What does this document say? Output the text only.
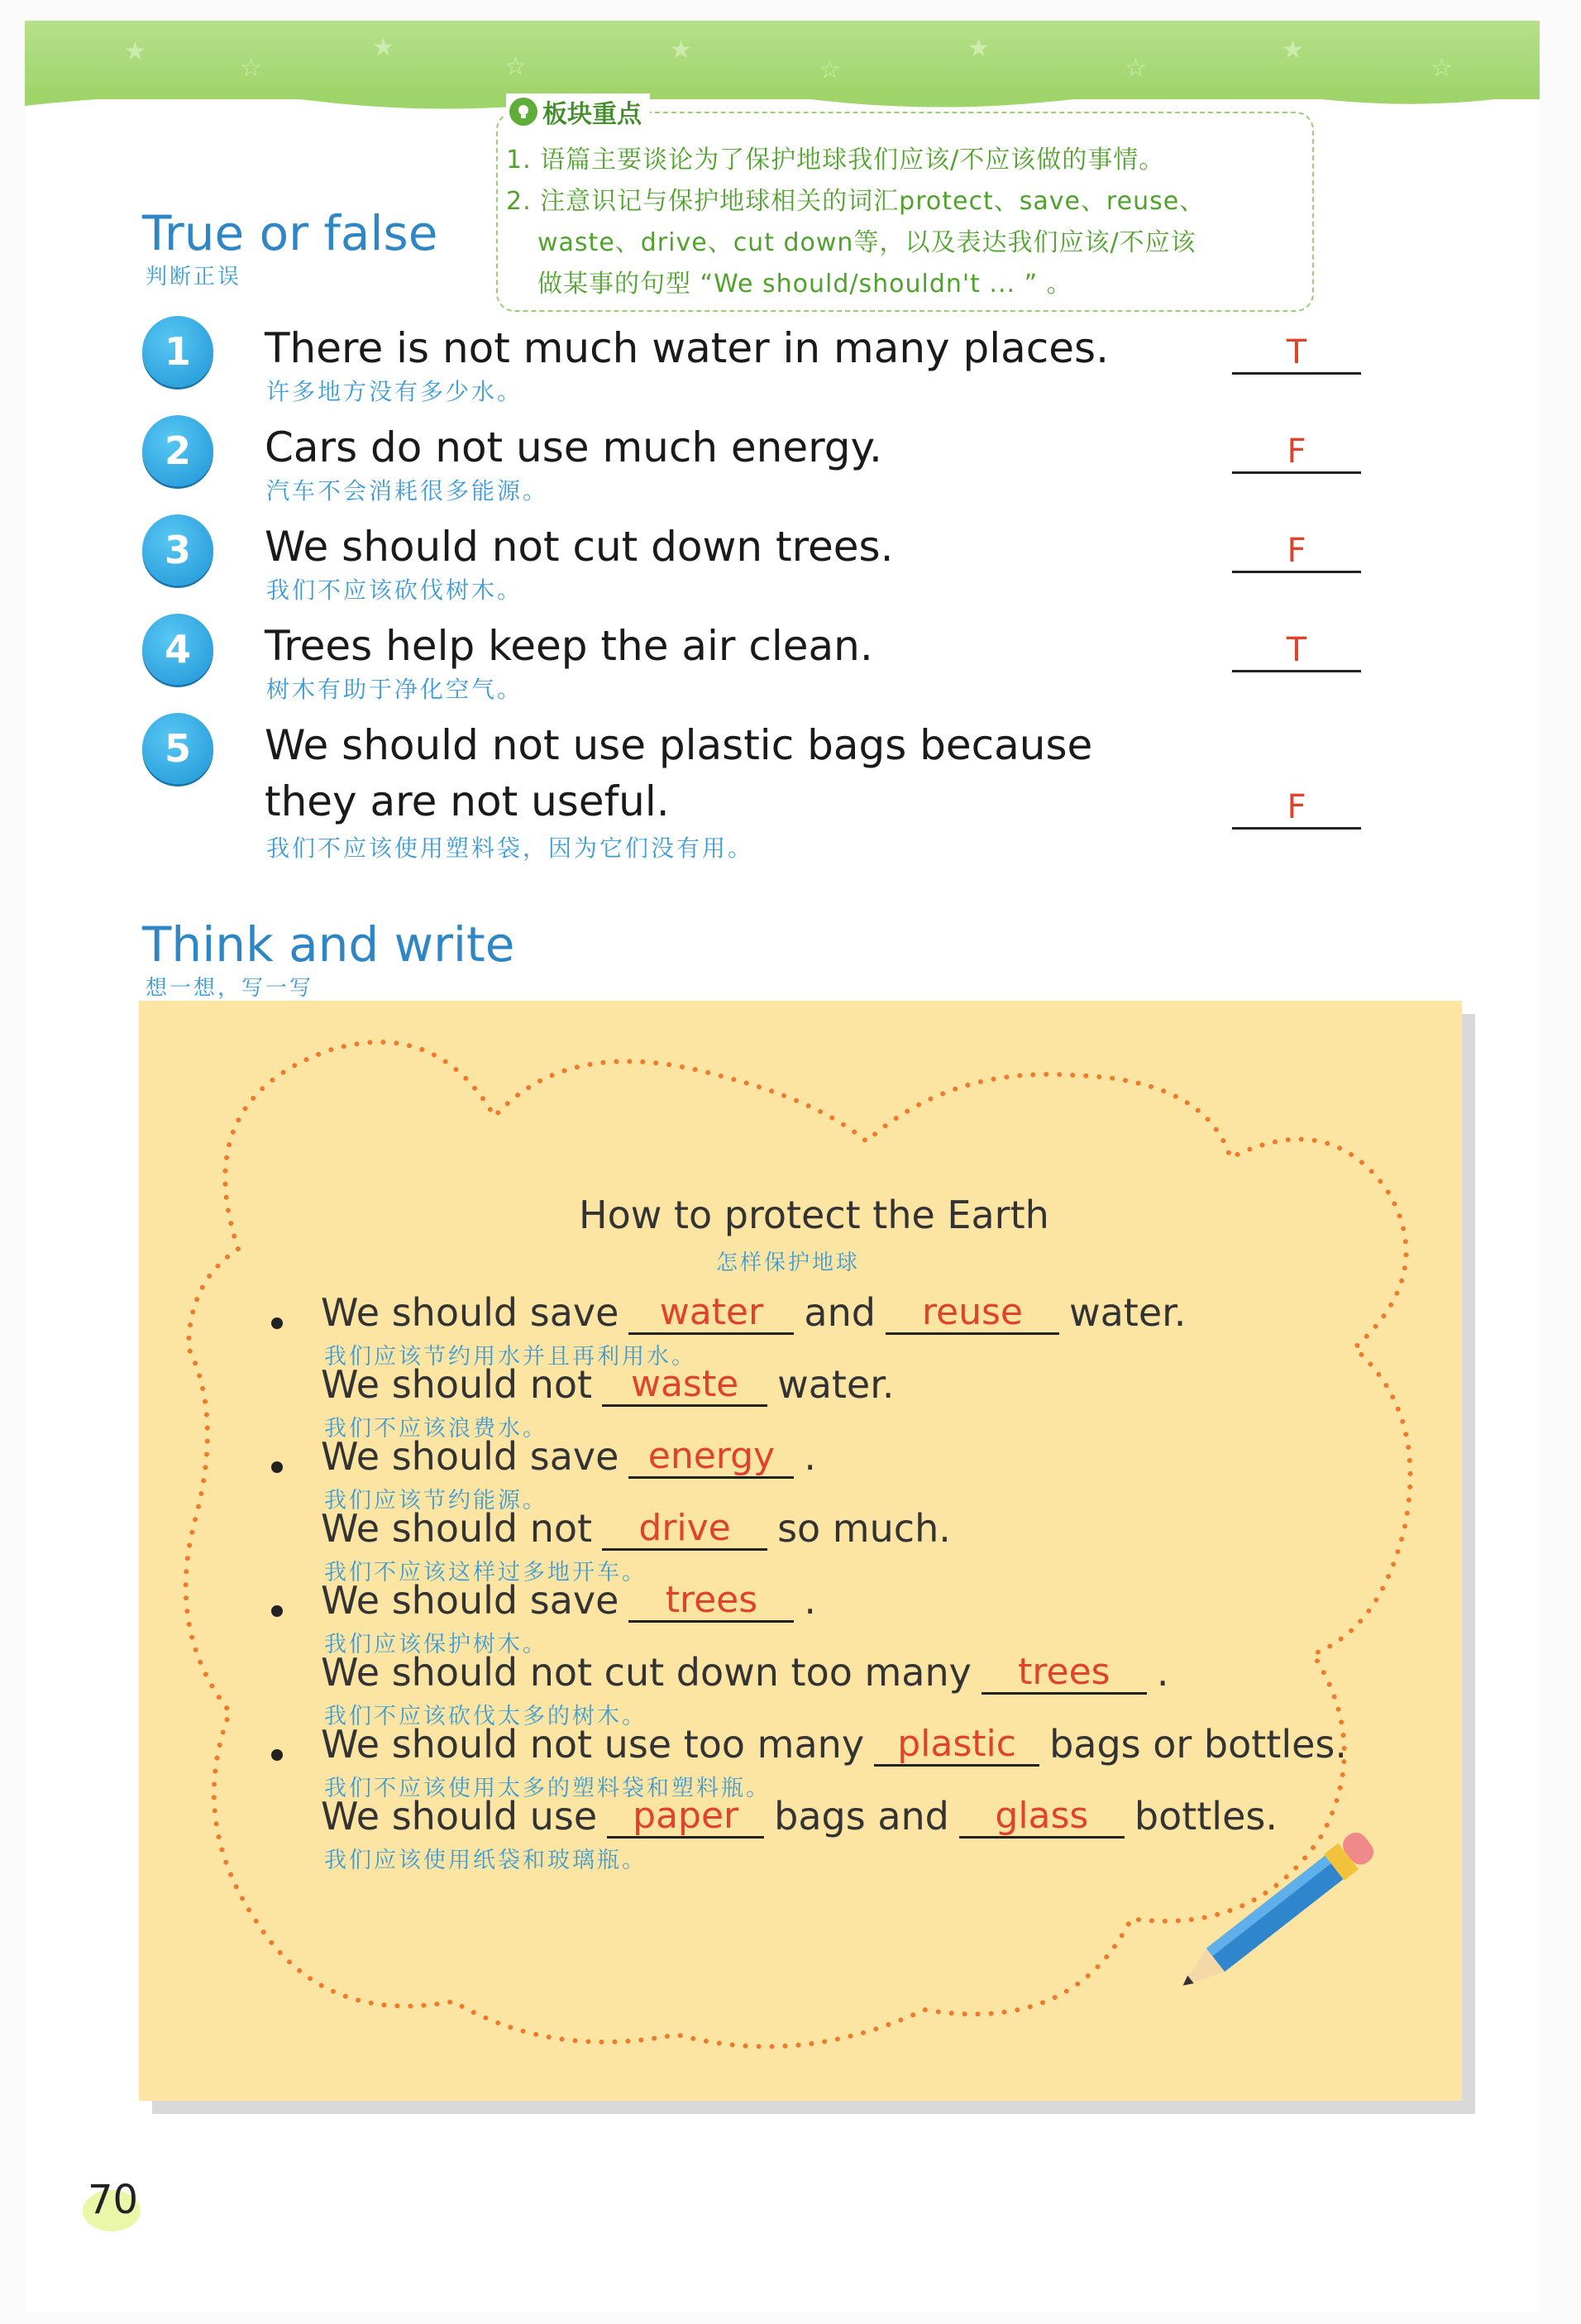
★
☆
★
☆
★
☆
★
☆
★
☆
板块重点
1. 语篇主要谈论为了保护地球我们应该/不应该做的事情。
2. 注意识记与保护地球相关的词汇protect、save、reuse、
waste、drive、cut down等，以及表达我们应该/不应该
做某事的句型 “We should/shouldn't ... ” 。
True or false
判断正误
1	There is not much water in many places.
许多地方没有多少水。
T
2	Cars do not use much energy.
汽车不会消耗很多能源。
F
3	We should not cut down trees.
我们不应该砍伐树木。
F
4	Trees help keep the air clean.
树木有助于净化空气。
T
5	We should not use plastic bags because
they are not useful.
我们不应该使用塑料袋，因为它们没有用。
F
Think and write
想一想，写一写
How to protect the Earth
怎样保护地球
We should save	water	and	reuse	water.
我们应该节约用水并且再利用水。
We should not	waste	water.
我们不应该浪费水。
We should save energy .
我们应该节约能源。
We should not	drive	so much.
我们不应该这样过多地开车。
We should save	trees	.
我们应该保护树木。
We should not cut down too many	trees	.
我们不应该砍伐太多的树木。
We should not use too many plastic bags or bottles.
我们不应该使用太多的塑料袋和塑料瓶。
We should use paper bags and	glass	bottles.
我们应该使用纸袋和玻璃瓶。
70
